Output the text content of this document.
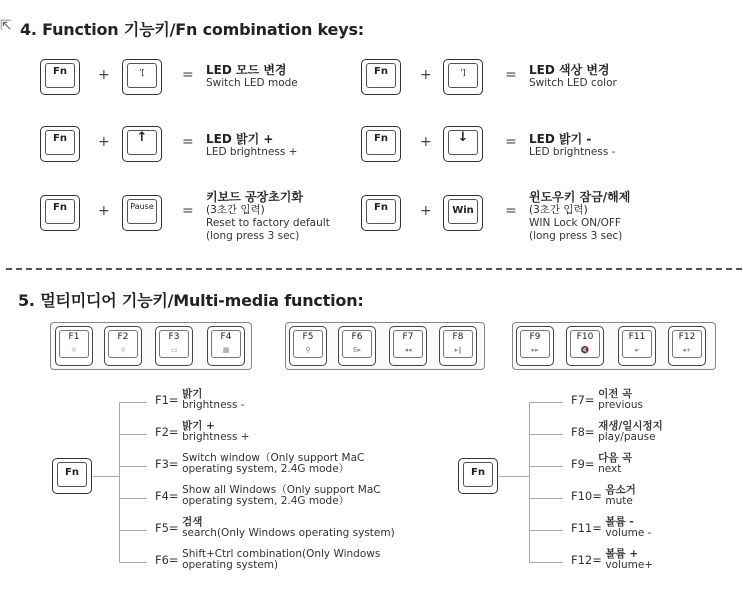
⇱ 4. Function 기능키/Fn combination keys:
Fn	+	'[	= LED 모드 변경
Switch LED mode
Fn	+	']	= LED 색상 변경
Switch LED color
Fn	+	↑	= LED 밝기 +
LED brightness +
Fn	+	↓	= LED 밝기 -
LED brightness -
Fn	+	Pause	=
키보드 공장초기화
(3초간 입력)
Reset to factory default
(long press 3 sec)
Fn	+	Win	=
윈도우키 잠금/해제
(3초간 입력)
WIN Lock ON/OFF
(long press 3 sec)
5. 멀티미디어 기능키/Multi-media function:
F1
☼
F2
☼
F3
▭
F4
▦
F5
⚲
F6
E▸
F7
◂◂
F8
▸‖
F9
▸▸
F10
🔇
F11
◂-
F12
◂+
Fn
F1= 밝기
brightness -
F2= 밝기 +
brightness +
F3= Switch window（Only support MaC
operating system, 2.4G mode）
F4= Show all Windows（Only support MaC
operating system, 2.4G mode）
F5= 검색
search(Only Windows operating system)
F6= Shift+Ctrl combination(Only Windows
operating system)
Fn
F7= 이전 곡
previous
F8= 재생/일시정지
play/pause
F9= 다음 곡
next
F10= 음소거
mute
F11= 볼륨 -
volume -
F12= 볼륨 +
volume+
